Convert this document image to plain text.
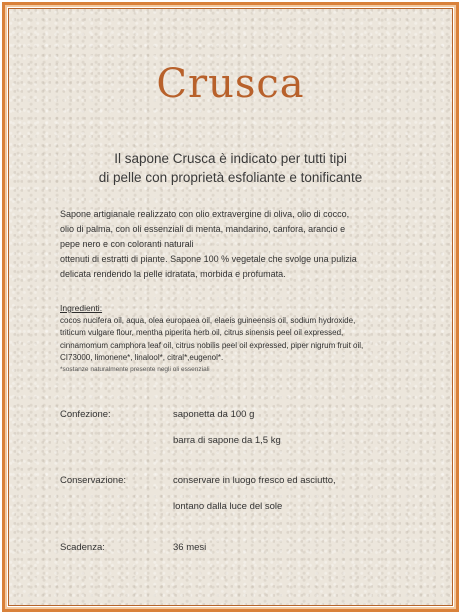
Crusca
Il sapone Crusca è indicato per tutti tipi
di pelle con proprietà esfoliante e tonificante
Sapone artigianale realizzato con olio extravergine di oliva, olio di cocco,
olio di palma, con oli essenziali di menta, mandarino, canfora, arancio e
pepe nero e con coloranti naturali
ottenuti di estratti di piante. Sapone 100 % vegetale che svolge una pulizia
delicata rendendo la pelle idratata, morbida e profumata.
Ingredienti:
cocos nucifera oil, aqua, olea europaea oil, elaeis guineensis oil, sodium hydroxide,
triticum vulgare flour, mentha piperita herb oil, citrus sinensis peel oil expressed,
cinnamomum camphora leaf oil, citrus nobilis peel oil expressed, piper nigrum fruit oil,
CI73000, limonene*, linalool*, citral*,eugenol*.
*sostanze naturalmente presente negli oli essenziali
Confezione:	saponetta da 100 g
barra di sapone da 1,5 kg
Conservazione:	conservare in luogo fresco ed asciutto,
lontano dalla luce del sole
Scadenza:	36 mesi
